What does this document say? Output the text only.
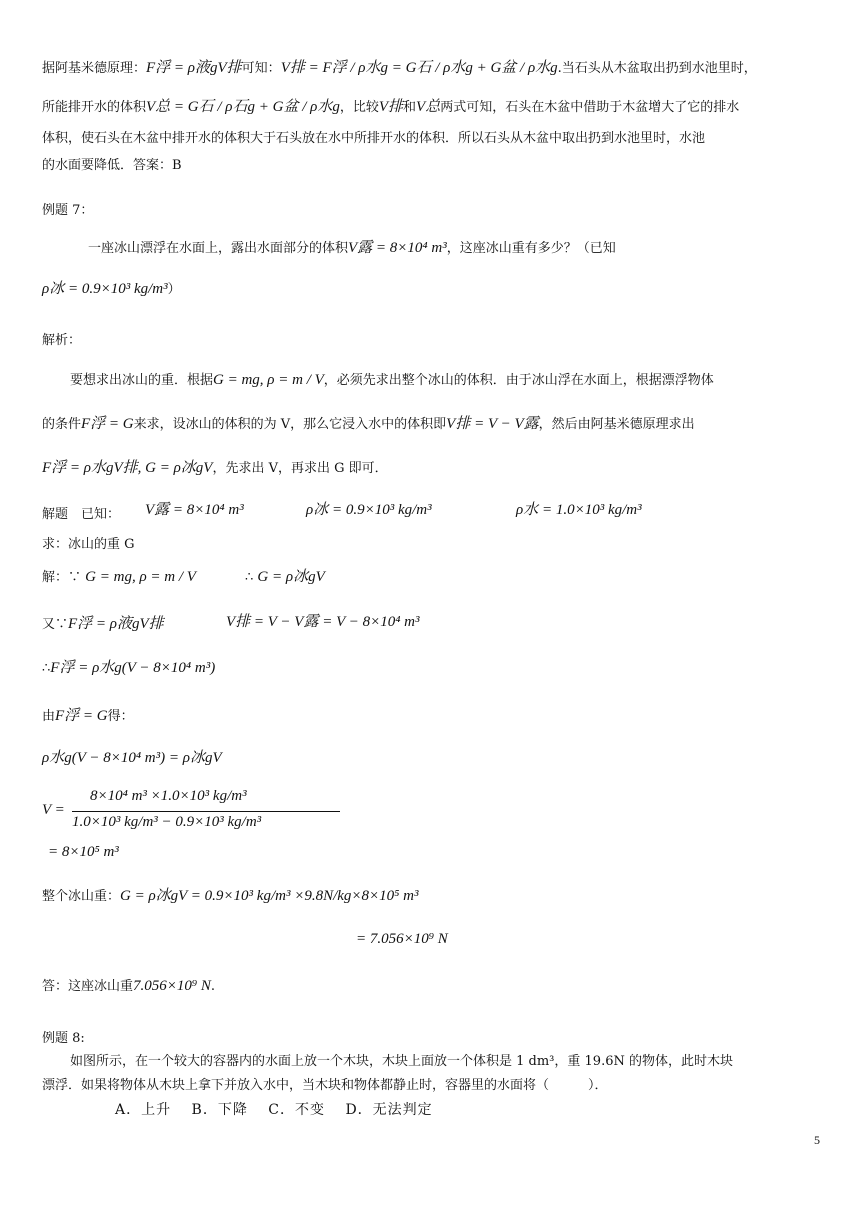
据阿基米德原理：F浮 = ρ液gV排可知：V排 = F浮 / ρ水g = G石 / ρ水g + G盆 / ρ水g.当石头从木盆取出扔到水池里时，
所能排开水的体积V总 = G石 / ρ石g + G盆 / ρ水g，比较V排和V总两式可知，石头在木盆中借助于木盆增大了它的排水
体积，使石头在木盆中排开水的体积大于石头放在水中所排开水的体积．所以石头从木盆中取出扔到水池里时，水池
的水面要降低．答案：B
例题 7：
一座冰山漂浮在水面上，露出水面部分的体积V露 = 8×10⁴ m³，这座冰山重有多少？（已知
ρ冰 = 0.9×10³ kg/m³）
解析：
要想求出冰山的重．根据G = mg, ρ = m / V，必须先求出整个冰山的体积．由于冰山浮在水面上，根据漂浮物体
的条件F浮 = G来求，设冰山的体积的为 V，那么它浸入水中的体积即V排 = V − V露，然后由阿基米德原理求出
F浮 = ρ水gV排, G = ρ冰gV，先求出 V，再求出 G 即可．
解题　已知： V露 = 8×10⁴ m³	ρ冰 = 0.9×10³ kg/m³	ρ水 = 1.0×10³ kg/m³
求：冰山的重 G
解：∵ G = mg, ρ = m / V	∴ G = ρ冰gV
又∵F浮 = ρ液gV排	V排 = V − V露 = V − 8×10⁴ m³
∴F浮 = ρ水g(V − 8×10⁴ m³)
由F浮 = G得：
ρ水g(V − 8×10⁴ m³) = ρ冰gV
V =
8×10⁴ m³ ×1.0×10³ kg/m³
1.0×10³ kg/m³ − 0.9×10³ kg/m³
= 8×10⁵ m³
整个冰山重：G = ρ冰gV = 0.9×10³ kg/m³ ×9.8N/kg×8×10⁵ m³
= 7.056×10⁹ N
答：这座冰山重7.056×10⁹ N.
例题 8:
如图所示，在一个较大的容器内的水面上放一个木块，木块上面放一个体积是 1 dm³，重 19.6N 的物体，此时木块
漂浮．如果将物体从木块上拿下并放入水中，当木块和物体都静止时，容器里的水面将（　　　）．
A．上升　 B．下降　 C．不变　 D．无法判定
5
